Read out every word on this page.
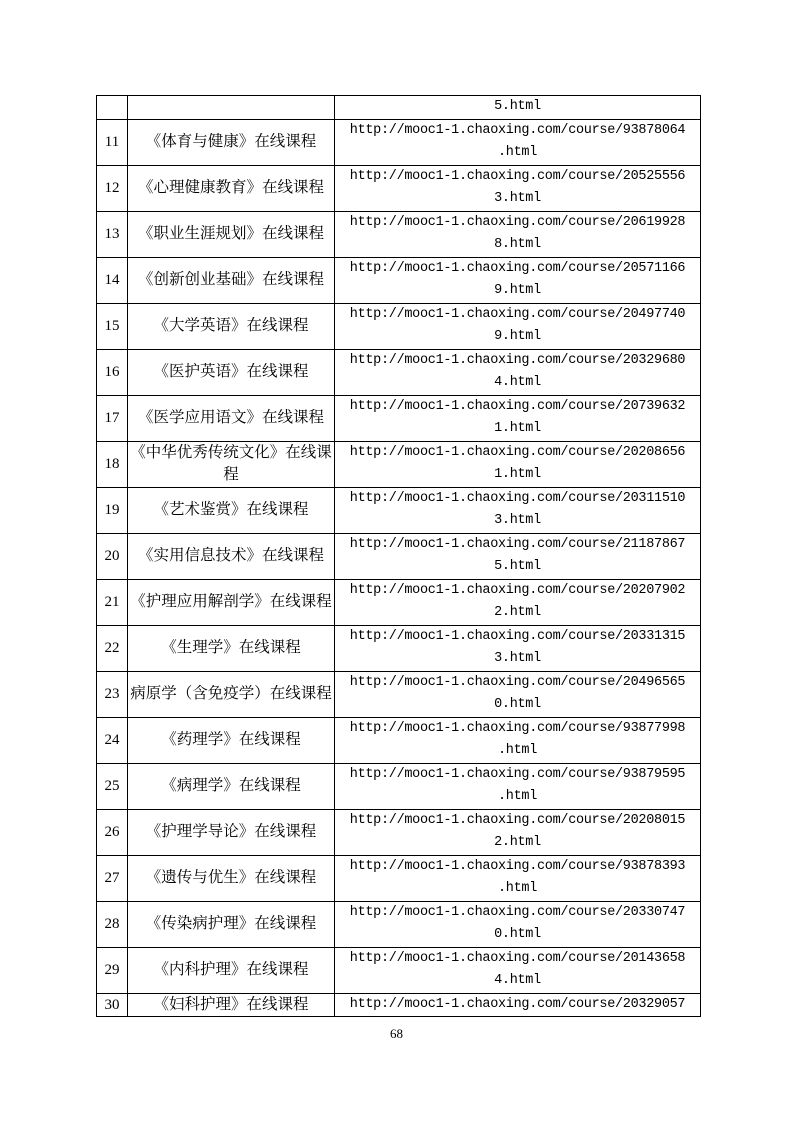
		5.html

11	《体育与健康》在线课程	http://mooc1-1.chaoxing.com/course/93878064
.html

12	《心理健康教育》在线课程	http://mooc1-1.chaoxing.com/course/20525556
3.html

13	《职业生涯规划》在线课程	http://mooc1-1.chaoxing.com/course/20619928
8.html

14	《创新创业基础》在线课程	http://mooc1-1.chaoxing.com/course/20571166
9.html

15	《大学英语》在线课程	http://mooc1-1.chaoxing.com/course/20497740
9.html

16	《医护英语》在线课程	http://mooc1-1.chaoxing.com/course/20329680
4.html

17	《医学应用语文》在线课程	http://mooc1-1.chaoxing.com/course/20739632
1.html

18	《中华优秀传统文化》在线课程	http://mooc1-1.chaoxing.com/course/20208656
1.html

19	《艺术鉴赏》在线课程	http://mooc1-1.chaoxing.com/course/20311510
3.html

20	《实用信息技术》在线课程	http://mooc1-1.chaoxing.com/course/21187867
5.html

21	《护理应用解剖学》在线课程	http://mooc1-1.chaoxing.com/course/20207902
2.html

22	《生理学》在线课程	http://mooc1-1.chaoxing.com/course/20331315
3.html

23	病原学（含免疫学）在线课程	http://mooc1-1.chaoxing.com/course/20496565
0.html

24	《药理学》在线课程	http://mooc1-1.chaoxing.com/course/93877998
.html

25	《病理学》在线课程	http://mooc1-1.chaoxing.com/course/93879595
.html

26	《护理学导论》在线课程	http://mooc1-1.chaoxing.com/course/20208015
2.html

27	《遗传与优生》在线课程	http://mooc1-1.chaoxing.com/course/93878393
.html

28	《传染病护理》在线课程	http://mooc1-1.chaoxing.com/course/20330747
0.html

29	《内科护理》在线课程	http://mooc1-1.chaoxing.com/course/20143658
4.html

30	《妇科护理》在线课程	http://mooc1-1.chaoxing.com/course/20329057
68
